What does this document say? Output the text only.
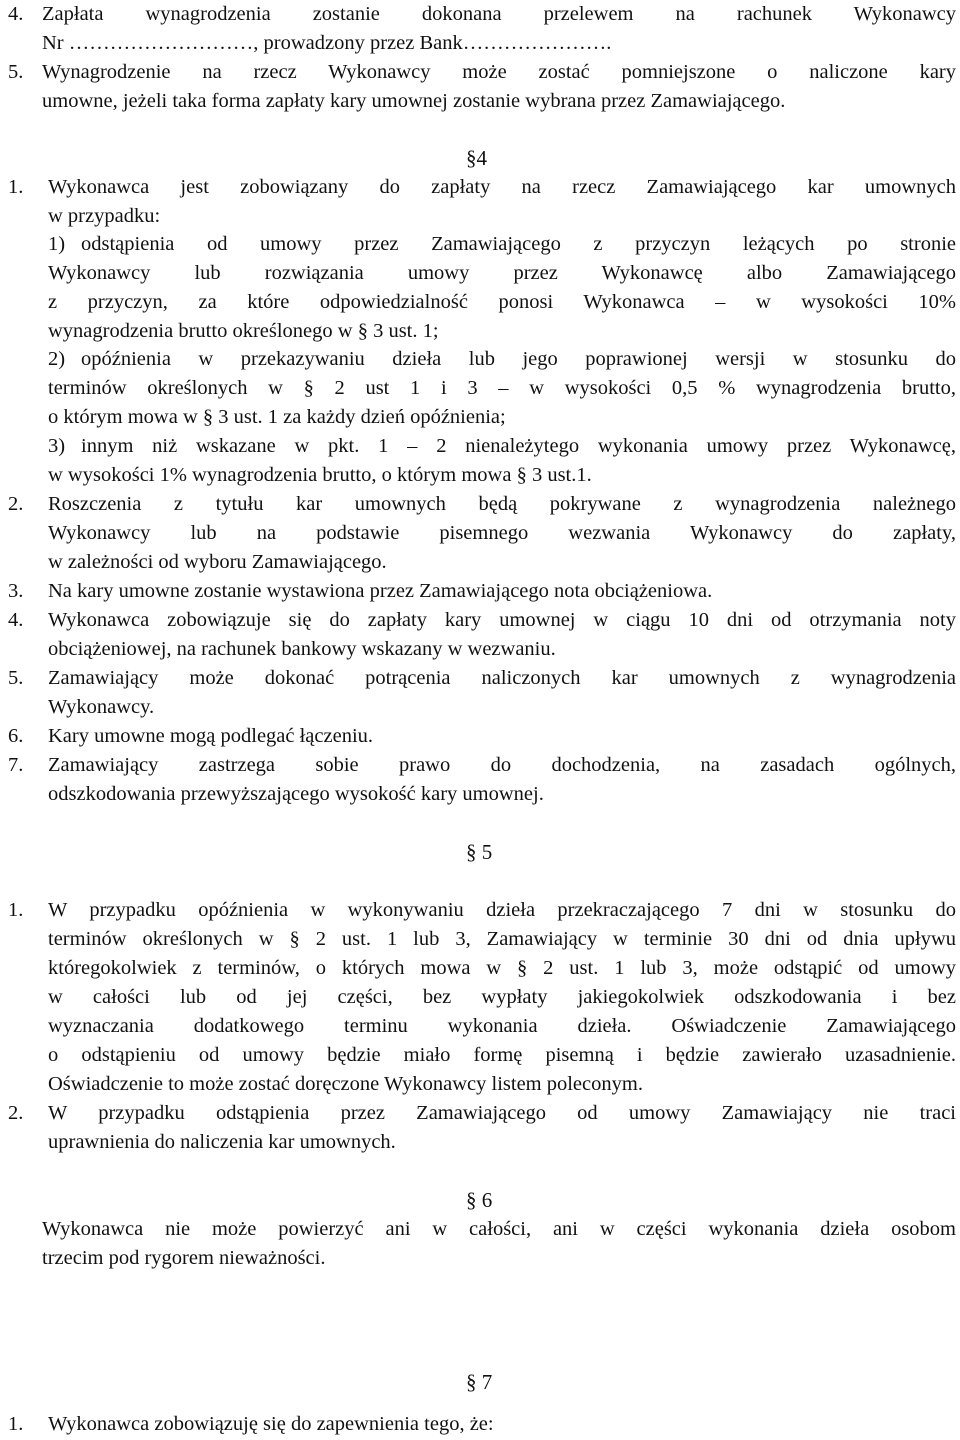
4. Zapłata wynagrodzenia zostanie dokonana przelewem na rachunek Wykonawcy
Nr ………………………, prowadzony przez Bank………………….
5. Wynagrodzenie na rzecz Wykonawcy może zostać pomniejszone o naliczone kary
umowne, jeżeli taka forma zapłaty kary umownej zostanie wybrana przez Zamawiającego.
§4
1. Wykonawca jest zobowiązany do zapłaty na rzecz Zamawiającego kar umownych
w przypadku:
1) odstąpienia od umowy przez Zamawiającego z przyczyn leżących po stronie
Wykonawcy lub rozwiązania umowy przez Wykonawcę albo Zamawiającego
z przyczyn, za które odpowiedzialność ponosi Wykonawca – w wysokości 10%
wynagrodzenia brutto określonego w § 3 ust. 1;
2) opóźnienia w przekazywaniu dzieła lub jego poprawionej wersji w stosunku do
terminów określonych w § 2 ust 1 i 3 – w wysokości 0,5 % wynagrodzenia brutto,
o którym mowa w § 3 ust. 1 za każdy dzień opóźnienia;
3) innym niż wskazane w pkt. 1 – 2 nienależytego wykonania umowy przez Wykonawcę,
w wysokości 1% wynagrodzenia brutto, o którym mowa § 3 ust.1.
2. Roszczenia z tytułu kar umownych będą pokrywane z wynagrodzenia należnego
Wykonawcy lub na podstawie pisemnego wezwania Wykonawcy do zapłaty,
w zależności od wyboru Zamawiającego.
3. Na kary umowne zostanie wystawiona przez Zamawiającego nota obciążeniowa.
4. Wykonawca zobowiązuje się do zapłaty kary umownej w ciągu 10 dni od otrzymania noty
obciążeniowej, na rachunek bankowy wskazany w wezwaniu.
5. Zamawiający może dokonać potrącenia naliczonych kar umownych z wynagrodzenia
Wykonawcy.
6. Kary umowne mogą podlegać łączeniu.
7. Zamawiający zastrzega sobie prawo do dochodzenia, na zasadach ogólnych,
odszkodowania przewyższającego wysokość kary umownej.
§ 5
1. W przypadku opóźnienia w wykonywaniu dzieła przekraczającego 7 dni w stosunku do
terminów określonych w § 2 ust. 1 lub 3, Zamawiający w terminie 30 dni od dnia upływu
któregokolwiek z terminów, o których mowa w § 2 ust. 1 lub 3, może odstąpić od umowy
w całości lub od jej części, bez wypłaty jakiegokolwiek odszkodowania i bez
wyznaczania dodatkowego terminu wykonania dzieła. Oświadczenie Zamawiającego
o odstąpieniu od umowy będzie miało formę pisemną i będzie zawierało uzasadnienie.
Oświadczenie to może zostać doręczone Wykonawcy listem poleconym.
2. W przypadku odstąpienia przez Zamawiającego od umowy Zamawiający nie traci
uprawnienia do naliczenia kar umownych.
§ 6
Wykonawca nie może powierzyć ani w całości, ani w części wykonania dzieła osobom
trzecim pod rygorem nieważności.
§ 7
1. Wykonawca zobowiązuję się do zapewnienia tego, że:
